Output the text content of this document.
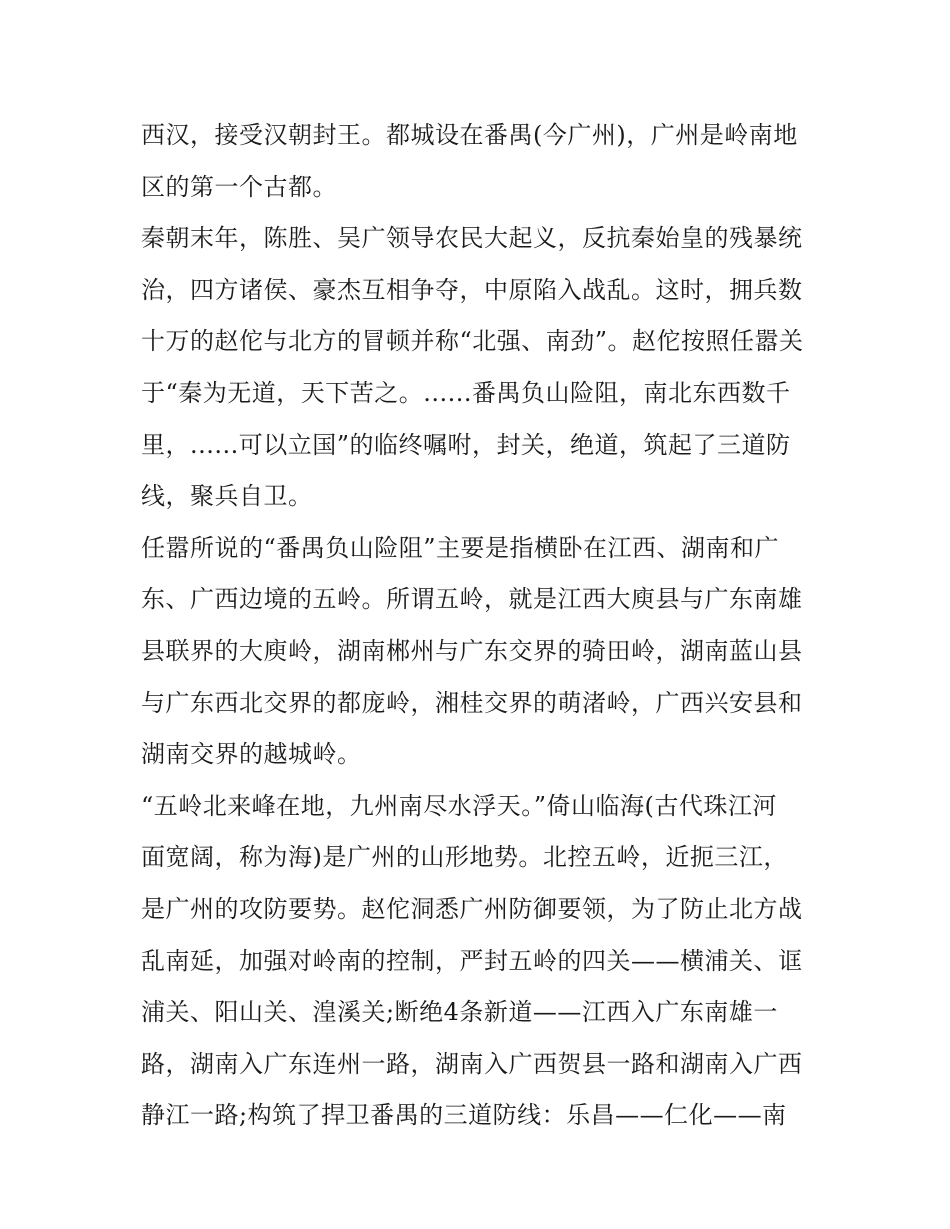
西汉，接受汉朝封王。都城设在番禺(今广州)，广州是岭南地
区的第一个古都。
秦朝末年，陈胜、吴广领导农民大起义，反抗秦始皇的残暴统
治，四方诸侯、豪杰互相争夺，中原陷入战乱。这时，拥兵数
十万的赵佗与北方的冒顿并称“北强、南劲”。赵佗按照任嚣关
于“秦为无道，天下苦之。......番禺负山险阻，南北东西数千
里，......可以立国”的临终嘱咐，封关，绝道，筑起了三道防
线，聚兵自卫。
任嚣所说的“番禺负山险阻”主要是指横卧在江西、湖南和广
东、广西边境的五岭。所谓五岭，就是江西大庾县与广东南雄
县联界的大庾岭，湖南郴州与广东交界的骑田岭，湖南蓝山县
与广东西北交界的都庞岭，湘桂交界的萌渚岭，广西兴安县和
湖南交界的越城岭。
“五岭北来峰在地，九州南尽水浮天。”倚山临海(古代珠江河
面宽阔，称为海)是广州的山形地势。北控五岭，近扼三江，
是广州的攻防要势。赵佗洞悉广州防御要领，为了防止北方战
乱南延，加强对岭南的控制，严封五岭的四关——横浦关、诓
浦关、阳山关、湟溪关;断绝4条新道——江西入广东南雄一
路，湖南入广东连州一路，湖南入广西贺县一路和湖南入广西
静江一路;构筑了捍卫番禺的三道防线：乐昌——仁化——南
